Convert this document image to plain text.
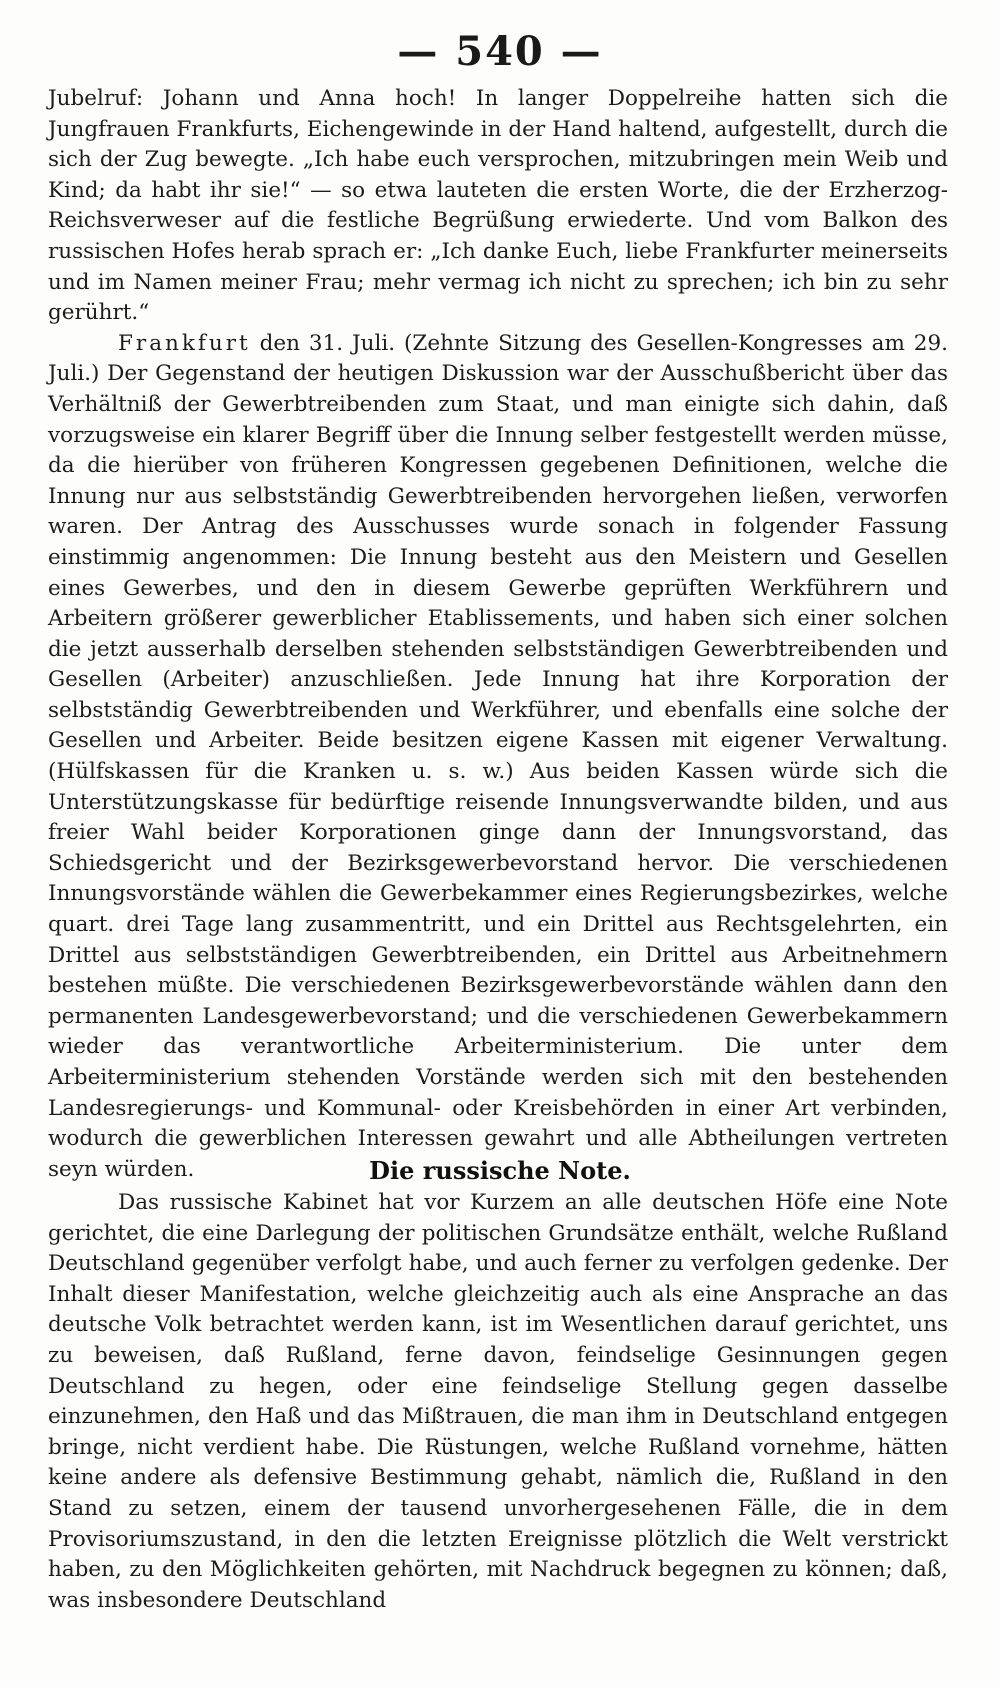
— 540 —

Jubelruf: Johann und Anna hoch! In langer Doppelreihe hatten sich die Jungfrauen Frankfurts, Eichengewinde in der Hand haltend, aufgestellt, durch die sich der Zug bewegte. „Ich habe euch versprochen, mitzubringen mein Weib und Kind; da habt ihr sie!“ — so etwa lauteten die ersten Worte, die der Erzherzog-Reichsverweser auf die festliche Begrüßung erwiederte. Und vom Balkon des russischen Hofes herab sprach er: „Ich danke Euch, liebe Frankfurter meinerseits und im Namen meiner Frau; mehr vermag ich nicht zu sprechen; ich bin zu sehr gerührt.“

Frankfurt den 31. Juli. (Zehnte Sitzung des Gesellen-Kongresses am 29. Juli.) Der Gegenstand der heutigen Diskussion war der Ausschußbericht über das Verhältniß der Gewerbtreibenden zum Staat, und man einigte sich dahin, daß vorzugsweise ein klarer Begriff über die Innung selber festgestellt werden müsse, da die hierüber von früheren Kongressen gegebenen Definitionen, welche die Innung nur aus selbstständig Gewerbtreibenden hervorgehen ließen, verworfen waren. Der Antrag des Ausschusses wurde sonach in folgender Fassung einstimmig angenommen: Die Innung besteht aus den Meistern und Gesellen eines Gewerbes, und den in diesem Gewerbe geprüften Werkführern und Arbeitern größerer gewerblicher Etablissements, und haben sich einer solchen die jetzt ausserhalb derselben stehenden selbstständigen Gewerbtreibenden und Gesellen (Arbeiter) anzuschließen. Jede Innung hat ihre Korporation der selbstständig Gewerbtreibenden und Werkführer, und ebenfalls eine solche der Gesellen und Arbeiter. Beide besitzen eigene Kassen mit eigener Verwaltung. (Hülfskassen für die Kranken u. s. w.) Aus beiden Kassen würde sich die Unterstützungskasse für bedürftige reisende Innungsverwandte bilden, und aus freier Wahl beider Korporationen ginge dann der Innungsvorstand, das Schiedsgericht und der Bezirksgewerbevorstand hervor. Die verschiedenen Innungsvorstände wählen die Gewerbekammer eines Regierungsbezirkes, welche quart. drei Tage lang zusammentritt, und ein Drittel aus Rechtsgelehrten, ein Drittel aus selbstständigen Gewerbtreibenden, ein Drittel aus Arbeitnehmern bestehen müßte. Die verschiedenen Bezirksgewerbevorstände wählen dann den permanenten Landesgewerbevorstand; und die verschiedenen Gewerbekammern wieder das verantwortliche Arbeiterministerium. Die unter dem Arbeiterministerium stehenden Vorstände werden sich mit den bestehenden Landesregierungs- und Kommunal- oder Kreisbehörden in einer Art verbinden, wodurch die gewerblichen Interessen gewahrt und alle Abtheilungen vertreten seyn würden.	Die russische Note.

Das russische Kabinet hat vor Kurzem an alle deutschen Höfe eine Note gerichtet, die eine Darlegung der politischen Grundsätze enthält, welche Rußland Deutschland gegenüber verfolgt habe, und auch ferner zu verfolgen gedenke. Der Inhalt dieser Manifestation, welche gleichzeitig auch als eine Ansprache an das deutsche Volk betrachtet werden kann, ist im Wesentlichen darauf gerichtet, uns zu beweisen, daß Rußland, ferne davon, feindselige Gesinnungen gegen Deutschland zu hegen, oder eine feindselige Stellung gegen dasselbe einzunehmen, den Haß und das Mißtrauen, die man ihm in Deutschland entgegen bringe, nicht verdient habe. Die Rüstungen, welche Rußland vornehme, hätten keine andere als defensive Bestimmung gehabt, nämlich die, Rußland in den Stand zu setzen, einem der tausend unvorhergesehenen Fälle, die in dem Provisoriumszustand, in den die letzten Ereignisse plötzlich die Welt verstrickt haben, zu den Möglichkeiten gehörten, mit Nachdruck begegnen zu können; daß, was insbesondere Deutschland
